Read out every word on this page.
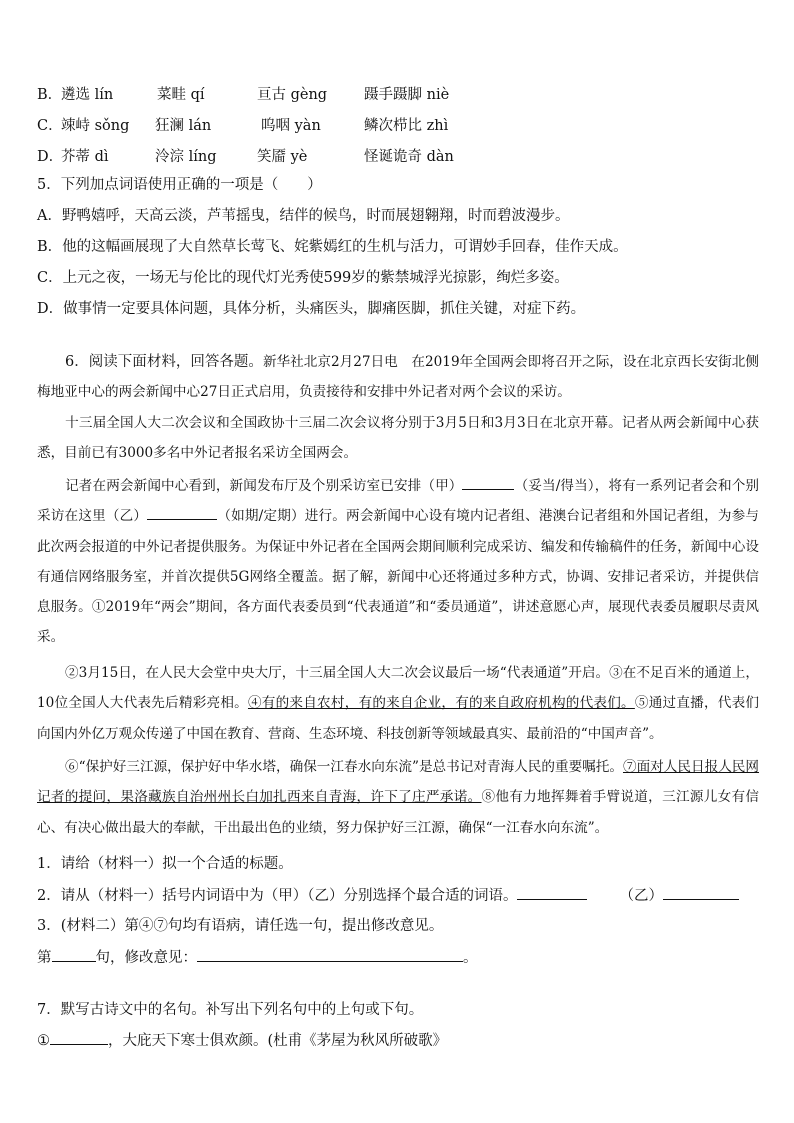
B．
遴选 lín	菜畦 qí	亘古 gèng	蹑手蹑脚 niè
C．
竦峙 sǒng 狂澜 lán	呜咽 yàn	鳞次栉比 zhì
D．
芥蒂 dì	泠淙 líng	笑靥 yè	怪诞诡奇 dàn
5．下列加点词语使用正确的一项是（　　）
A．野鸭嬉呼，天高云淡，芦苇摇曳，结伴的候鸟，时而展翅翱翔，时而碧波漫步。
B．他的这幅画展现了大自然草长莺飞、姹紫嫣红的生机与活力，可谓妙手回春，佳作天成。
C．上元之夜，一场无与伦比的现代灯光秀使599岁的紫禁城浮光掠影，绚烂多姿。
D．做事情一定要具体问题，具体分析，头痛医头，脚痛医脚，抓住关键，对症下药。

6．阅读下面材料，回答各题。新华社北京2月27日电　在2019年全国两会即将召开之际，设在北京西长安街北侧梅地亚中心的两会新闻中心27日正式启用，负责接待和安排中外记者对两个会议的采访。

十三届全国人大二次会议和全国政协十三届二次会议将分别于3月5日和3月3日在北京开幕。记者从两会新闻中心获悉，目前已有3000多名中外记者报名采访全国两会。

记者在两会新闻中心看到，新闻发布厅及个别采访室已安排（甲）	（妥当/得当），将有一系列记者会和个别采访在这里（乙）	（如期/定期）进行。两会新闻中心设有境内记者组、港澳台记者组和外国记者组，为参与此次两会报道的中外记者提供服务。为保证中外记者在全国两会期间顺利完成采访、编发和传输稿件的任务，新闻中心设有通信网络服务室，并首次提供5G网络全覆盖。据了解，新闻中心还将通过多种方式，协调、安排记者采访，并提供信息服务。①2019年“两会”期间，各方面代表委员到“代表通道”和“委员通道”，讲述意愿心声，展现代表委员履职尽责风采。

②3月15日，在人民大会堂中央大厅，十三届全国人大二次会议最后一场“代表通道”开启。③在不足百米的通道上，10位全国人大代表先后精彩亮相。④有的来自农村，有的来自企业，有的来自政府机构的代表们。⑤通过直播，代表们向国内外亿万观众传递了中国在教育、营商、生态环境、科技创新等领域最真实、最前沿的“中国声音”。

⑥“保护好三江源，保护好中华水塔，确保一江春水向东流”是总书记对青海人民的重要嘱托。⑦面对人民日报人民网记者的提问，果洛藏族自治州州长白加扎西来自青海，许下了庄严承诺。⑧他有力地挥舞着手臂说道，三江源儿女有信心、有决心做出最大的奉献，干出最出色的业绩，努力保护好三江源，确保“一江春水向东流”。

1．请给（材料一）拟一个合适的标题。
2．请从（材料一）括号内词语中为（甲）（乙）分别选择个最合适的词语。	（乙）
3．(材料二）第④⑦句均有语病，请任选一句，提出修改意见。
第	句，修改意见：	。
7．默写古诗文中的名句。补写出下列名句中的上句或下句。
①	，大庇天下寒士俱欢颜。(杜甫《茅屋为秋风所破歌》
